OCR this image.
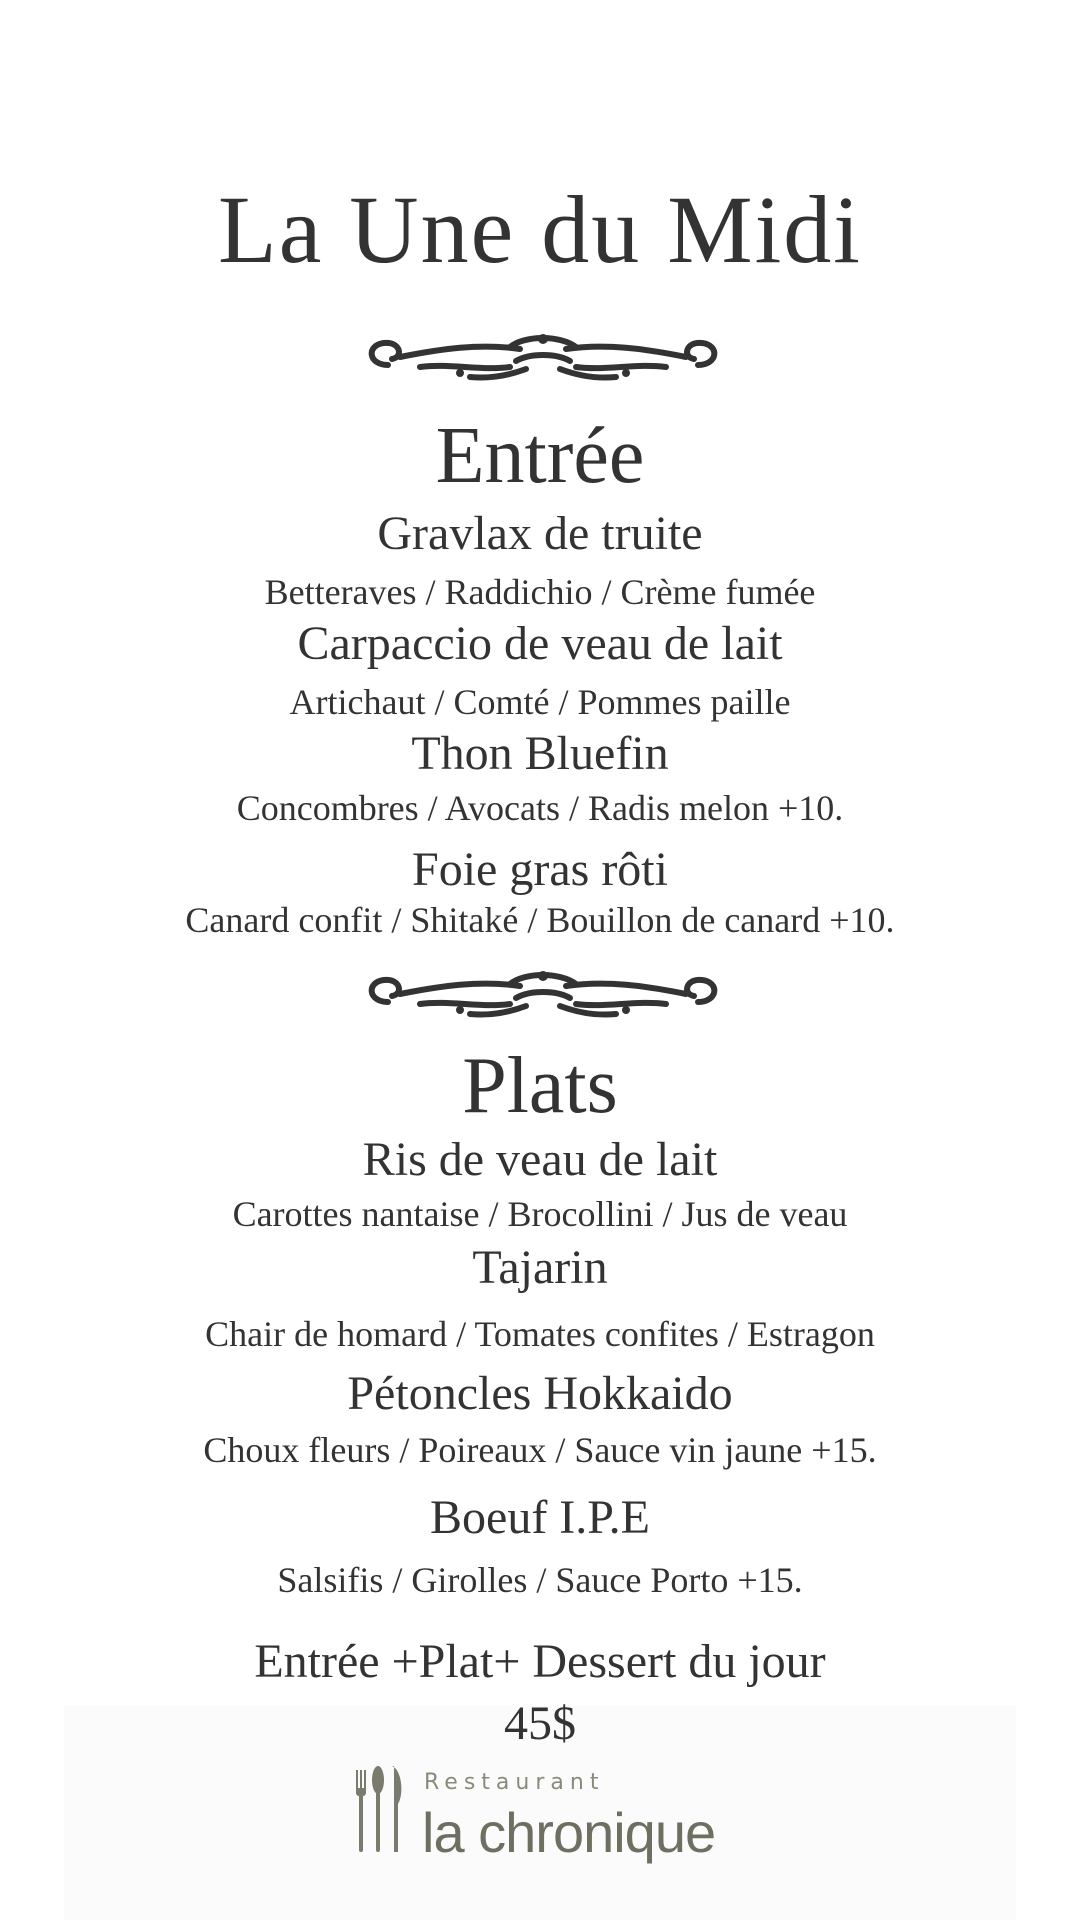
La Une du Midi
Entrée
Gravlax de truite
Betteraves / Raddichio / Crème fumée
Carpaccio de veau de lait
Artichaut / Comté / Pommes paille
Thon Bluefin
Concombres / Avocats / Radis melon +10.
Foie gras rôti
Canard confit / Shitaké / Bouillon de canard +10.
Plats
Ris de veau de lait
Carottes nantaise / Brocollini / Jus de veau
Tajarin
Chair de homard / Tomates confites / Estragon
Pétoncles Hokkaido
Choux fleurs / Poireaux / Sauce vin jaune +15.
Boeuf I.P.E
Salsifis / Girolles / Sauce Porto +15.
Entrée +Plat+ Dessert du jour
45$
Restaurant
la chronique
